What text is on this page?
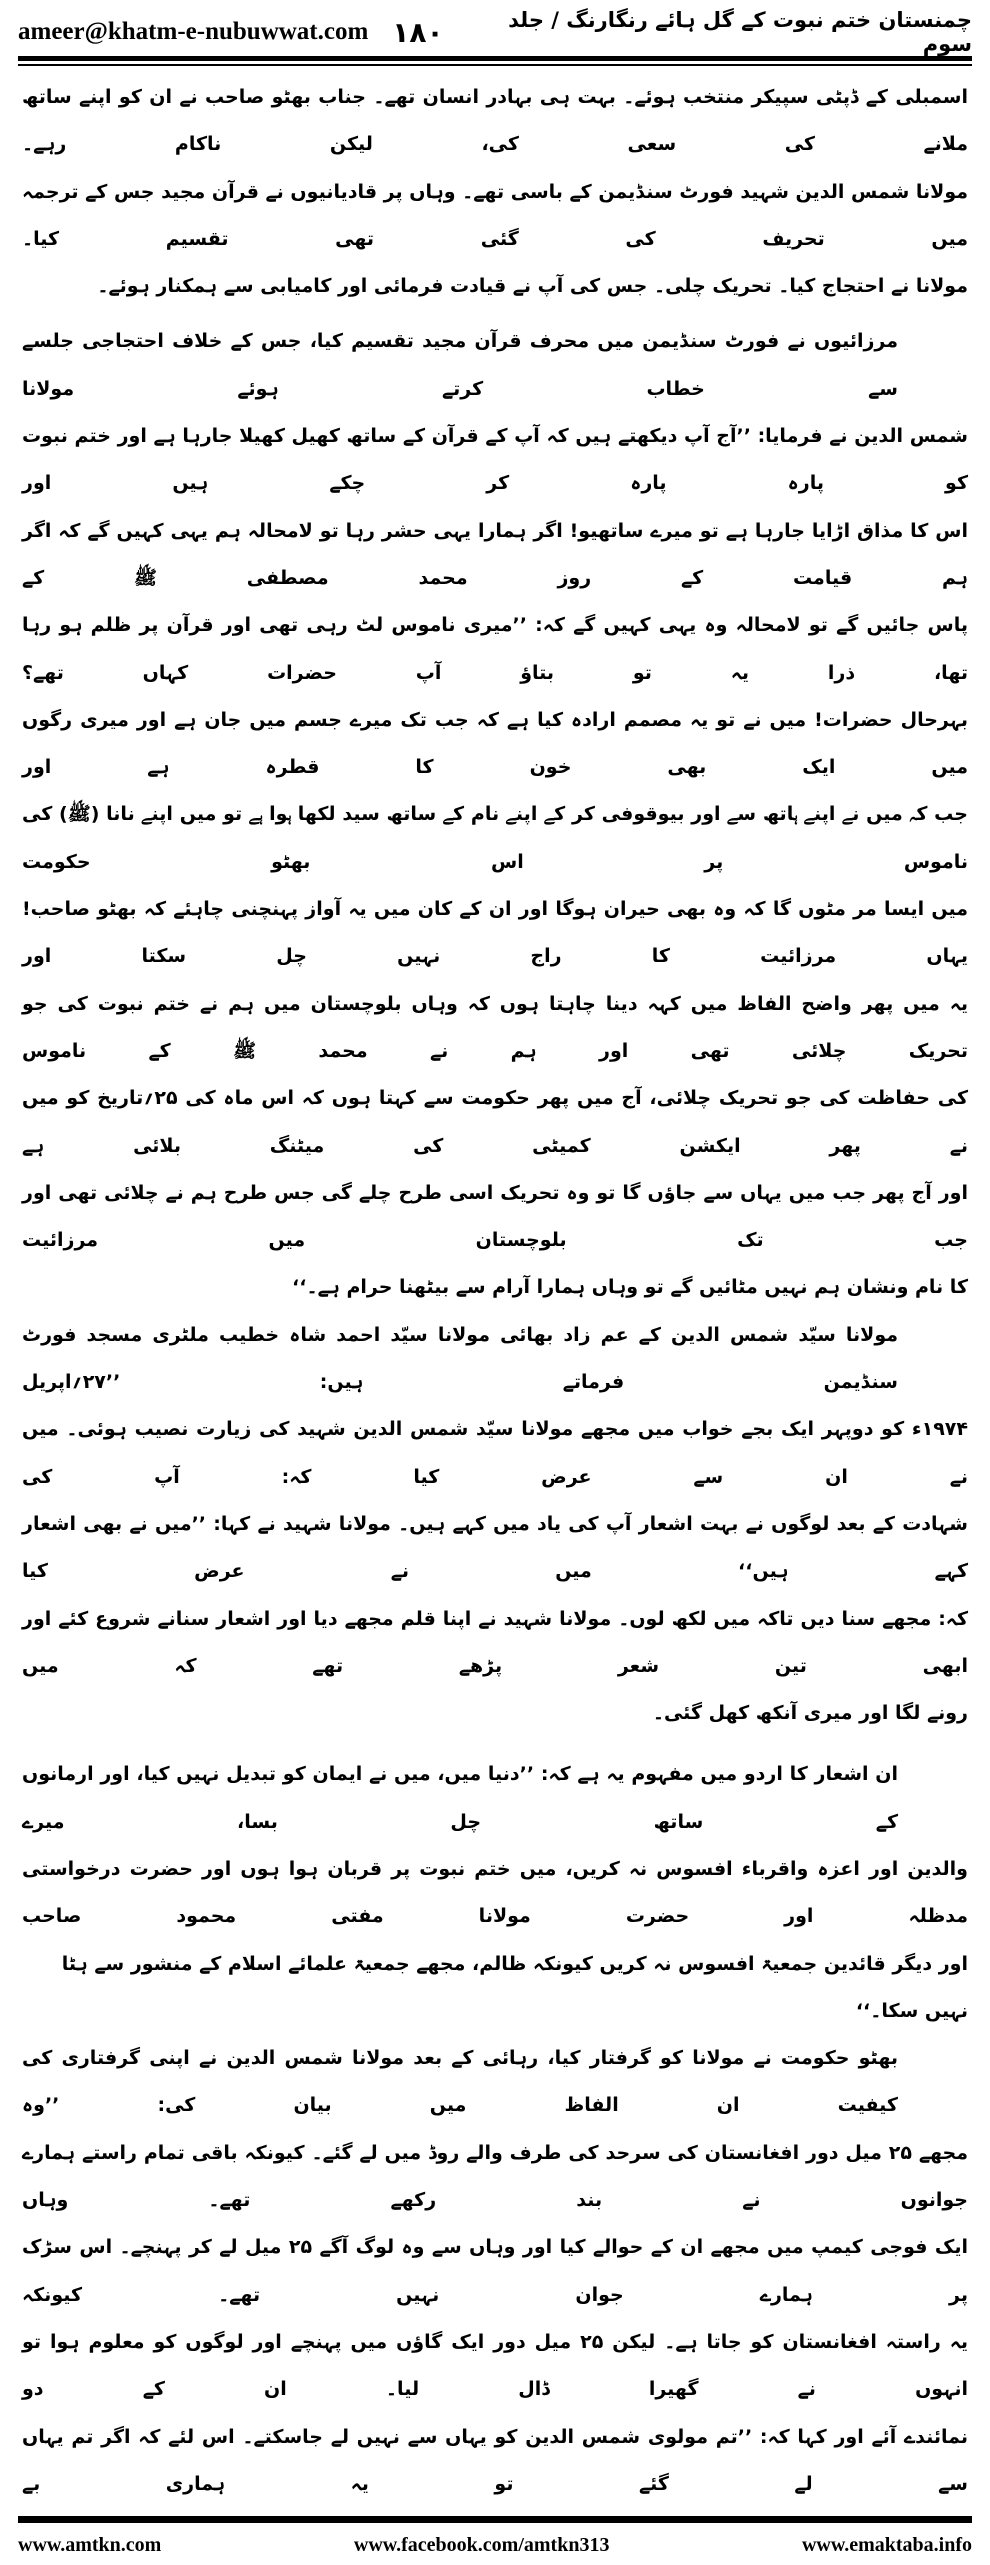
ameer@khatm-e-nubuwwat.com ۱۸۰	چمنستان ختم نبوت کے گل ہائے رنگارنگ / جلد سوم
اسمبلی کے ڈپٹی سپیکر منتخب ہوئے۔ بہت ہی بہادر انسان تھے۔ جناب بھٹو صاحب نے ان کو اپنے ساتھ ملانے کی سعی کی، لیکن ناکام رہے۔
مولانا شمس الدین شہید فورٹ سنڈیمن کے باسی تھے۔ وہاں پر قادیانیوں نے قرآن مجید جس کے ترجمہ میں تحریف کی گئی تھی تقسیم کیا۔
مولانا نے احتجاج کیا۔ تحریک چلی۔ جس کی آپ نے قیادت فرمائی اور کامیابی سے ہمکنار ہوئے۔
مرزائیوں نے فورٹ سنڈیمن میں محرف قرآن مجید تقسیم کیا، جس کے خلاف احتجاجی جلسے سے خطاب کرتے ہوئے مولانا
شمس الدین نے فرمایا: ’’آج آپ دیکھتے ہیں کہ آپ کے قرآن کے ساتھ کھیل کھیلا جارہا ہے اور ختم نبوت کو پارہ پارہ کر چکے ہیں اور
اس کا مذاق اڑایا جارہا ہے تو میرے ساتھیو! اگر ہمارا یہی حشر رہا تو لامحالہ ہم یہی کہیں گے کہ اگر ہم قیامت کے روز محمد مصطفی ﷺ کے
پاس جائیں گے تو لامحالہ وہ یہی کہیں گے کہ: ’’میری ناموس لٹ رہی تھی اور قرآن پر ظلم ہو رہا تھا، ذرا یہ تو بتاؤ آپ حضرات کہاں تھے؟
بہرحال حضرات! میں نے تو یہ مصمم ارادہ کیا ہے کہ جب تک میرے جسم میں جان ہے اور میری رگوں میں ایک بھی خون کا قطرہ ہے اور
جب کہ میں نے اپنے ہاتھ سے اور بیوقوفی کر کے اپنے نام کے ساتھ سید لکھا ہوا ہے تو میں اپنے نانا (ﷺ) کی ناموس پر اس بھٹو حکومت
میں ایسا مر مٹوں گا کہ وہ بھی حیران ہوگا اور ان کے کان میں یہ آواز پہنچنی چاہئے کہ بھٹو صاحب! یہاں مرزائیت کا راج نہیں چل سکتا اور
یہ میں پھر واضح الفاظ میں کہہ دینا چاہتا ہوں کہ وہاں بلوچستان میں ہم نے ختم نبوت کی جو تحریک چلائی تھی اور ہم نے محمد ﷺ کے ناموس
کی حفاظت کی جو تحریک چلائی، آج میں پھر حکومت سے کہتا ہوں کہ اس ماہ کی ۲۵؍تاریخ کو میں نے پھر ایکشن کمیٹی کی میٹنگ بلائی ہے
اور آج پھر جب میں یہاں سے جاؤں گا تو وہ تحریک اسی طرح چلے گی جس طرح ہم نے چلائی تھی اور جب تک بلوچستان میں مرزائیت
کا نام ونشان ہم نہیں مٹائیں گے تو وہاں ہمارا آرام سے بیٹھنا حرام ہے۔‘‘
مولانا سیّد شمس الدین کے عم زاد بھائی مولانا سیّد احمد شاہ خطیب ملٹری مسجد فورٹ سنڈیمن فرماتے ہیں: ’’۲۷؍اپریل
۱۹۷۴ء کو دوپہر ایک بجے خواب میں مجھے مولانا سیّد شمس الدین شہید کی زیارت نصیب ہوئی۔ میں نے ان سے عرض کیا کہ: آپ کی
شہادت کے بعد لوگوں نے بہت اشعار آپ کی یاد میں کہے ہیں۔ مولانا شہید نے کہا: ’’میں نے بھی اشعار کہے ہیں‘‘ میں نے عرض کیا
کہ: مجھے سنا دیں تاکہ میں لکھ لوں۔ مولانا شہید نے اپنا قلم مجھے دیا اور اشعار سنانے شروع کئے اور ابھی تین شعر پڑھے تھے کہ میں
رونے لگا اور میری آنکھ کھل گئی۔
ان اشعار کا اردو میں مفہوم یہ ہے کہ: ’’دنیا میں، میں نے ایمان کو تبدیل نہیں کیا، اور ارمانوں کے ساتھ چل بسا، میرے
والدین اور اعزہ واقرباء افسوس نہ کریں، میں ختم نبوت پر قربان ہوا ہوں اور حضرت درخواستی مدظلہ اور حضرت مولانا مفتی محمود صاحب
اور دیگر قائدین جمعیۃ افسوس نہ کریں کیونکہ ظالم، مجھے جمعیۃ علمائے اسلام کے منشور سے ہٹا نہیں سکا۔‘‘
بھٹو حکومت نے مولانا کو گرفتار کیا، رہائی کے بعد مولانا شمس الدین نے اپنی گرفتاری کی کیفیت ان الفاظ میں بیان کی: ’’وہ
مجھے ۲۵ میل دور افغانستان کی سرحد کی طرف والے روڈ میں لے گئے۔ کیونکہ باقی تمام راستے ہمارے جوانوں نے بند رکھے تھے۔ وہاں
ایک فوجی کیمپ میں مجھے ان کے حوالے کیا اور وہاں سے وہ لوگ آگے ۲۵ میل لے کر پہنچے۔ اس سڑک پر ہمارے جوان نہیں تھے۔ کیونکہ
یہ راستہ افغانستان کو جاتا ہے۔ لیکن ۲۵ میل دور ایک گاؤں میں پہنچے اور لوگوں کو معلوم ہوا تو انہوں نے گھیرا ڈال لیا۔ ان کے دو
نمائندے آئے اور کہا کہ: ’’تم مولوی شمس الدین کو یہاں سے نہیں لے جاسکتے۔ اس لئے کہ اگر تم یہاں سے لے گئے تو یہ ہماری بے
www.amtkn.com	www.facebook.com/amtkn313	www.emaktaba.info
